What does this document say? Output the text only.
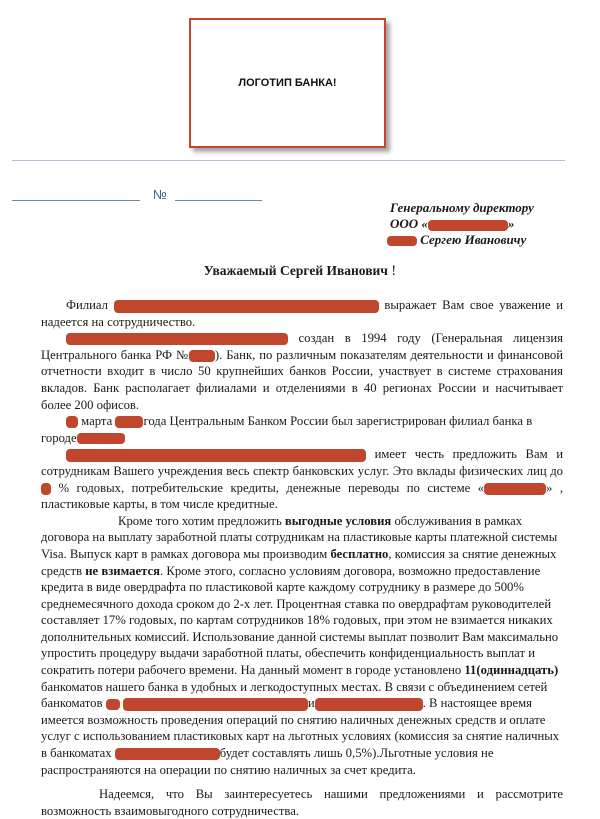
ЛОГОТИП БАНКА!
№
Генеральному директору
ООО «	»
Сергею Ивановичу
Уважаемый Сергей Иванович !

Филиал	выражает Вам свое уважение и надеется на сотрудничество.

создан в 1994 году (Генеральная лицензия Центрального банка РФ № ). Банк, по различным показателям деятельности и финансовой отчетности входит в число 50 крупнейших банков России, участвует в системе страхования вкладов. Банк располагает филиалами и отделениями в 40 регионах России и насчитывает более 200 офисов.

марта года Центральным Банком России был зарегистрирован филиал банка в городе

имеет честь предложить Вам и сотрудникам Вашего учреждения весь спектр банковских услуг. Это вклады физических лиц до  % годовых, потребительские кредиты, денежные переводы по системе «	» , пластиковые карты, в том числе кредитные.

Кроме того хотим предложить выгодные условия обслуживания в рамках договора на выплату заработной платы сотрудникам на пластиковые карты платежной системы Visa. Выпуск карт в рамках договора мы производим бесплатно, комиссия за снятие денежных средств не взимается. Кроме этого, согласно условиям договора, возможно предоставление кредита в виде овердрафта по пластиковой карте каждому сотруднику в размере до 500% среднемесячного дохода сроком до 2-х лет. Процентная ставка по овердрафтам руководителей составляет 17% годовых, по картам сотрудников 18% годовых, при этом не взимается никаких дополнительных комиссий. Использование данной системы выплат позволит Вам максимально упростить процедуру выдачи заработной платы, обеспечить конфиденциальность выплат и сократить потери рабочего времени. На данный момент в городе установлено 11(одиннадцать) банкоматов нашего банка в удобных и легкодоступных местах. В связи с объединением сетей банкоматов	и	. В настоящее время имеется возможность проведения операций по снятию наличных денежных средств и оплате услуг с использованием пластиковых карт на льготных условиях (комиссия за снятие наличных в банкоматах	будет составлять лишь 0,5%).Льготные условия не распространяются на операции по снятию наличных за счет кредита.

Надеемся, что Вы заинтересуетесь нашими предложениями и рассмотрите возможность взаимовыгодного сотрудничества.
